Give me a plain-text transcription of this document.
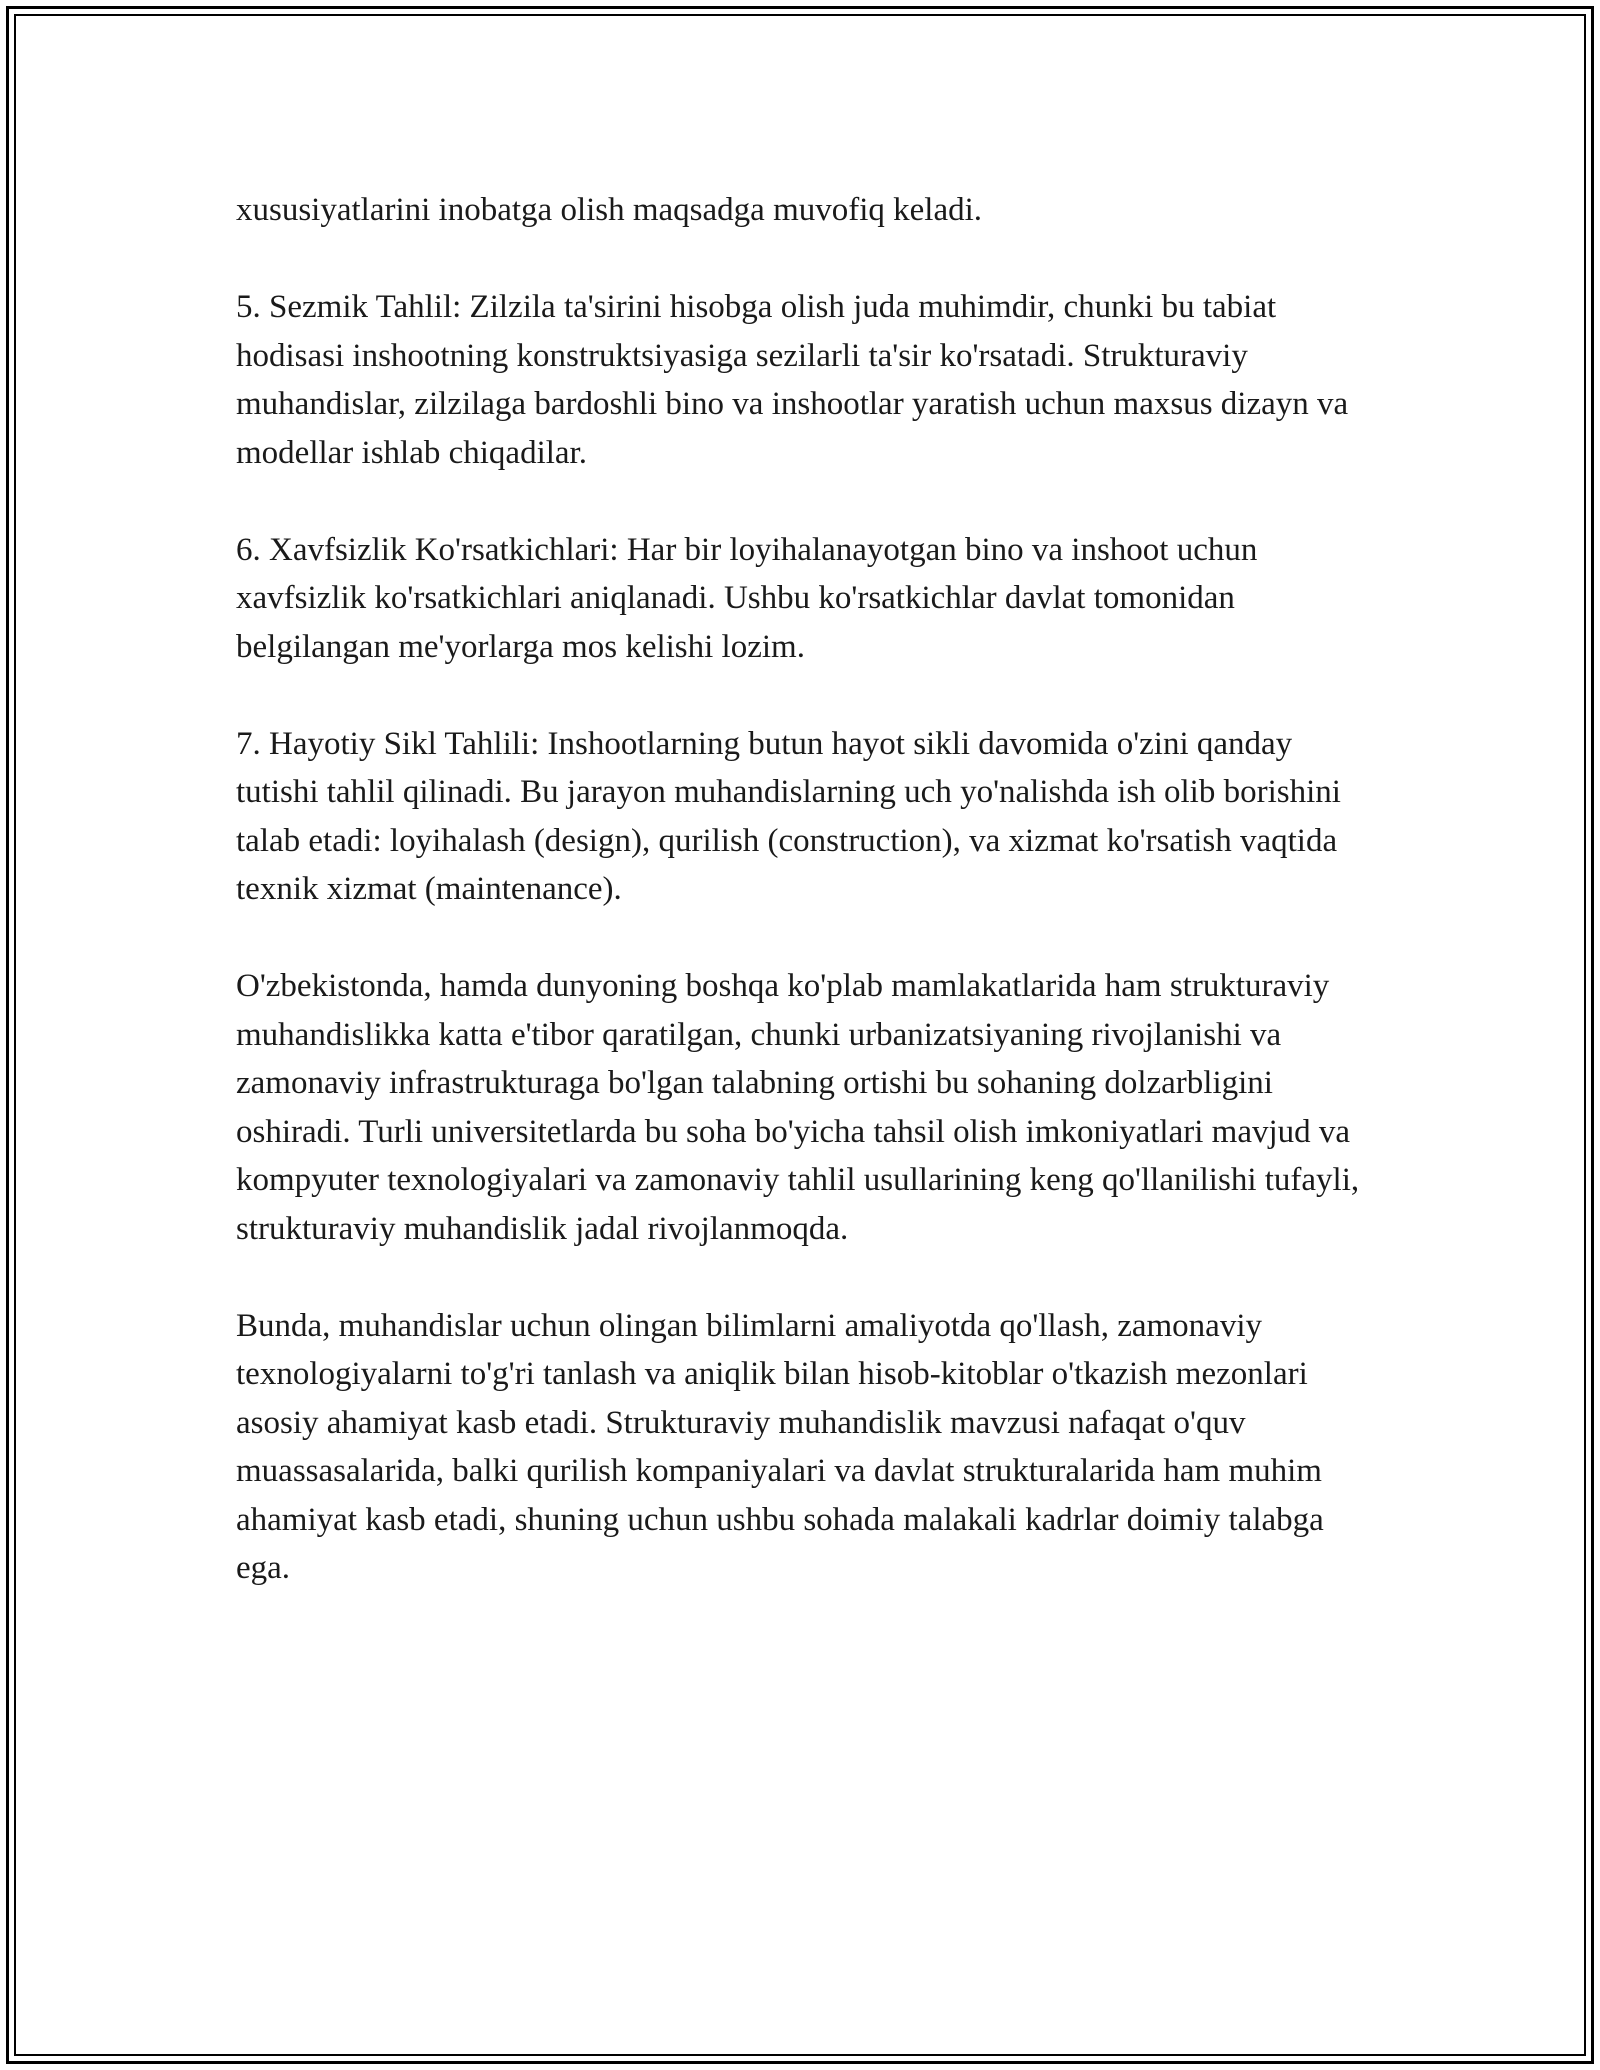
xususiyatlarini inobatga olish maqsadga muvofiq keladi.

5. Sezmik Tahlil: Zilzila ta'sirini hisobga olish juda muhimdir, chunki bu tabiat hodisasi inshootning konstruktsiyasiga sezilarli ta'sir ko'rsatadi. Strukturaviy muhandislar, zilzilaga bardoshli bino va inshootlar yaratish uchun maxsus dizayn va modellar ishlab chiqadilar.

6. Xavfsizlik Ko'rsatkichlari: Har bir loyihalanayotgan bino va inshoot uchun xavfsizlik ko'rsatkichlari aniqlanadi. Ushbu ko'rsatkichlar davlat tomonidan belgilangan me'yorlarga mos kelishi lozim.

7. Hayotiy Sikl Tahlili: Inshootlarning butun hayot sikli davomida o'zini qanday tutishi tahlil qilinadi. Bu jarayon muhandislarning uch yo'nalishda ish olib borishini talab etadi: loyihalash (design), qurilish (construction), va xizmat ko'rsatish vaqtida texnik xizmat (maintenance).

O'zbekistonda, hamda dunyoning boshqa ko'plab mamlakatlarida ham strukturaviy muhandislikka katta e'tibor qaratilgan, chunki urbanizatsiyaning rivojlanishi va zamonaviy infrastrukturaga bo'lgan talabning ortishi bu sohaning dolzarbligini oshiradi. Turli universitetlarda bu soha bo'yicha tahsil olish imkoniyatlari mavjud va kompyuter texnologiyalari va zamonaviy tahlil usullarining keng qo'llanilishi tufayli, strukturaviy muhandislik jadal rivojlanmoqda.

Bunda, muhandislar uchun olingan bilimlarni amaliyotda qo'llash, zamonaviy texnologiyalarni to'g'ri tanlash va aniqlik bilan hisob-kitoblar o'tkazish mezonlari asosiy ahamiyat kasb etadi. Strukturaviy muhandislik mavzusi nafaqat o'quv muassasalarida, balki qurilish kompaniyalari va davlat strukturalarida ham muhim ahamiyat kasb etadi, shuning uchun ushbu sohada malakali kadrlar doimiy talabga ega.
